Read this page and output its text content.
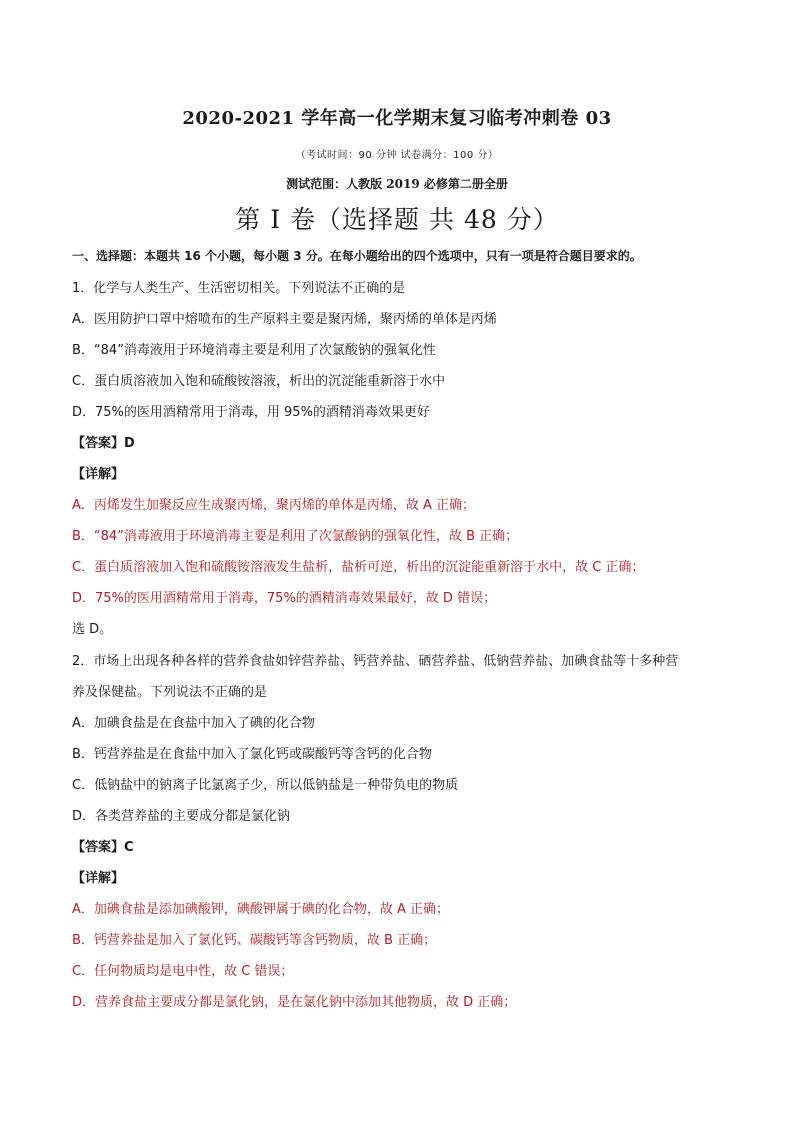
2020-2021 学年高一化学期末复习临考冲刺卷 03
（考试时间：90 分钟 试卷满分：100 分）
测试范围：人教版 2019 必修第二册全册
第 I 卷（选择题 共 48 分）
一、选择题：本题共 16 个小题，每小题 3 分。在每小题给出的四个选项中，只有一项是符合题目要求的。
1．化学与人类生产、生活密切相关。下列说法不正确的是
A．医用防护口罩中熔喷布的生产原料主要是聚丙烯，聚丙烯的单体是丙烯
B．“84”消毒液用于环境消毒主要是利用了次氯酸钠的强氧化性
C．蛋白质溶液加入饱和硫酸铵溶液，析出的沉淀能重新溶于水中
D．75%的医用酒精常用于消毒，用 95%的酒精消毒效果更好
【答案】D
【详解】
A．丙烯发生加聚反应生成聚丙烯，聚丙烯的单体是丙烯，故 A 正确；
B．“84”消毒液用于环境消毒主要是利用了次氯酸钠的强氧化性，故 B 正确；
C．蛋白质溶液加入饱和硫酸铵溶液发生盐析，盐析可逆，析出的沉淀能重新溶于水中，故 C 正确；
D．75%的医用酒精常用于消毒，75%的酒精消毒效果最好，故 D 错误；
选 D。
2．市场上出现各种各样的营养食盐如锌营养盐、钙营养盐、硒营养盐、低钠营养盐、加碘食盐等十多种营
养及保健盐。下列说法不正确的是
A．加碘食盐是在食盐中加入了碘的化合物
B．钙营养盐是在食盐中加入了氯化钙或碳酸钙等含钙的化合物
C．低钠盐中的钠离子比氯离子少，所以低钠盐是一种带负电的物质
D．各类营养盐的主要成分都是氯化钠
【答案】C
【详解】
A．加碘食盐是添加碘酸钾，碘酸钾属于碘的化合物，故 A 正确；
B．钙营养盐是加入了氯化钙、碳酸钙等含钙物质，故 B 正确；
C．任何物质均是电中性，故 C 错误；
D．营养食盐主要成分都是氯化钠，是在氯化钠中添加其他物质，故 D 正确；
